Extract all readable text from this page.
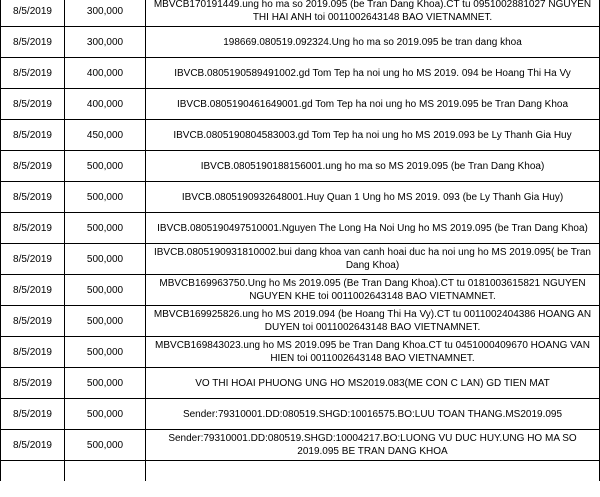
8/5/2019	300,000	MBVCB170191449.ung ho ma so 2019.095 (be Tran Dang Khoa).CT tu 0951002881027 NGUYEN THI HAI ANH toi 0011002643148 BAO VIETNAMNET.
8/5/2019	300,000	198669.080519.092324.Ung ho ma so 2019.095 be tran dang khoa
8/5/2019	400,000	IBVCB.0805190589491002.gd Tom Tep ha noi ung ho MS 2019. 094 be Hoang Thi Ha Vy
8/5/2019	400,000	IBVCB.0805190461649001.gd Tom Tep ha noi ung ho MS 2019.095 be Tran Dang Khoa
8/5/2019	450,000	IBVCB.0805190804583003.gd Tom Tep ha noi ung ho MS 2019.093 be Ly Thanh Gia Huy
8/5/2019	500,000	IBVCB.0805190188156001.ung ho ma so MS 2019.095 (be Tran Dang Khoa)
8/5/2019	500,000	IBVCB.0805190932648001.Huy Quan 1 Ung ho MS 2019. 093 (be Ly Thanh Gia Huy)
8/5/2019	500,000	IBVCB.0805190497510001.Nguyen The Long Ha Noi Ung ho MS 2019.095 (be Tran Dang Khoa)
8/5/2019	500,000	IBVCB.0805190931810002.bui dang khoa van canh hoai duc ha noi ung ho MS 2019.095( be Tran Dang Khoa)
8/5/2019	500,000	MBVCB169963750.Ung ho Ms 2019.095 (Be Tran Dang Khoa).CT tu 0181003615821 NGUYEN NGUYEN KHE toi 0011002643148 BAO VIETNAMNET.
8/5/2019	500,000	MBVCB169925826.ung ho MS 2019.094 (be Hoang Thi Ha Vy).CT tu 0011002404386 HOANG AN DUYEN toi 0011002643148 BAO VIETNAMNET.
8/5/2019	500,000	MBVCB169843023.ung ho MS 2019.095 be Tran Dang Khoa.CT tu 0451000409670 HOANG VAN HIEN toi 0011002643148 BAO VIETNAMNET.
8/5/2019	500,000	VO THI HOAI PHUONG UNG HO MS2019.083(ME CON C LAN) GD TIEN MAT
8/5/2019	500,000	Sender:79310001.DD:080519.SHGD:10016575.BO:LUU TOAN THANG.MS2019.095
8/5/2019	500,000	Sender:79310001.DD:080519.SHGD:10004217.BO:LUONG VU DUC HUY.UNG HO MA SO 2019.095 BE TRAN DANG KHOA
